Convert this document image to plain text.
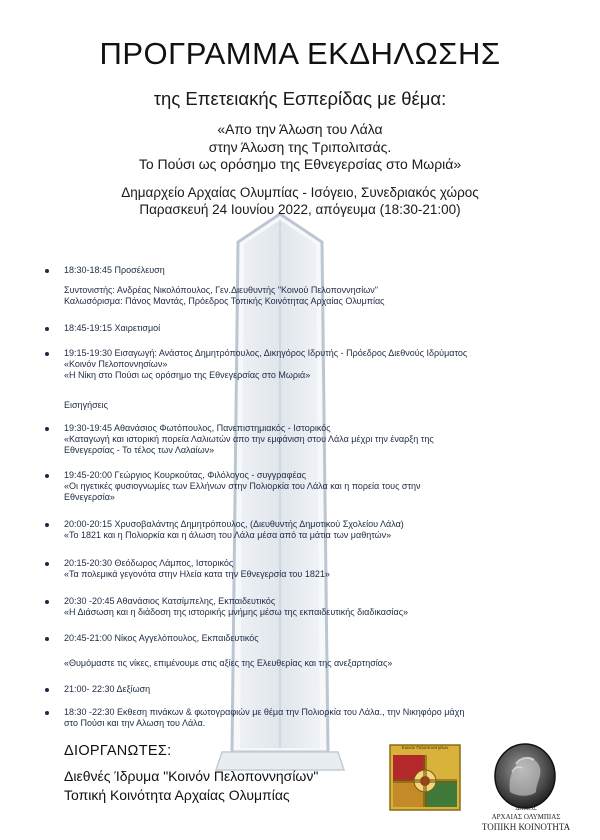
ΠΡΟΓΡΑΜΜΑ ΕΚΔΗΛΩΣΗΣ
της Επετειακής Εσπερίδας με θέμα:
«Απο την Άλωση του Λάλα
στην Άλωση της Τριπολιτσάς.
Το Πούσι ως ορόσημο της Εθνεγερσίας στο Μωριά»
Δημαρχείο Αρχαίας Ολυμπίας - Ισόγειο, Συνεδριακός χώρος
Παρασκευή 24 Ιουνίου 2022, απόγευμα (18:30-21:00)
18:30-18:45 Προσέλευση
Συντονιστής: Ανδρέας Νικολόπουλος, Γεν.Διευθυντής "Κοινού Πελοποννησίων"
Καλωσόρισμα: Πάνος Μαντάς, Πρόεδρος Τοπικής Κοινότητας Αρχαίας Ολυμπίας
18:45-19:15 Χαιρετισμοί
19:15-19:30 Εισαγωγή: Ανάστος Δημητρόπουλος, Δικηγόρος Ιδρυτής - Πρόεδρος Διεθνούς Ιδρύματος
«Κοινόν Πελοποννησίων»
«Η Νίκη στο Πούσι ως ορόσημο της Εθνεγερσίας στο Μωριά»
Εισηγήσεις
19:30-19:45 Αθανάσιος Φωτόπουλος, Πανεπιστημιακός - Ιστορικός
«Καταγωγή και ιστορική πορεία Λαλιωτών απο την εμφάνιση στου Λάλα μέχρι την έναρξη της
Εθνεγερσίας - Το τέλος των Λαλαίων»
19:45-20:00 Γεώργιος Κουρκούτας, Φιλόλογος - συγγραφέας
«Οι ηγετικές φυσιογνωμίες των Ελλήνων στην Πολιορκία του Λάλα και η πορεία τους στην
Εθνεγερσία»
20:00-20:15 Χρυσοβαλάντης Δημητρόπουλος, (Διευθυντής Δημοτικού Σχολείου Λάλα)
«Το 1821 και η Πολιορκία και η άλωση του Λάλα μέσα από τα μάτια των μαθητών»
20:15-20:30 Θεόδωρος Λάμπος, Ιστορικός
«Τα πολεμικά γεγονότα στην Ηλεία κατα την Εθνεγερσία του 1821»
20:30 -20:45 Αθανάσιος Κατσίμπελης, Εκπαιδευτικός
«Η Διάσωση και η διάδοση της ιστορικής μνήμης μέσω της εκπαιδευτικής διαδικασίας»
20:45-21:00 Νίκος Αγγελόπουλος, Εκπαιδευτικός
«Θυμόμαστε τις νίκες, επιμένουμε στις αξίες της Ελευθερίας και της ανεξαρτησίας»
21:00- 22:30 Δεξίωση
18:30 -22:30 Εκθεση πινάκων & φωτογραφιών με θέμα την Πολιορκία του Λάλα., την Νικηφόρο μάχη
στο Πούσι και την Αλωση του Λάλα.
ΔΙΟΡΓΑΝΩΤΕΣ:
Διεθνές Ίδρυμα "Κοινόν Πελοποννησίων"
Τοπική Κοινότητα Αρχαίας Ολυμπίας
Κοινόν Πελοποννησίων
ΔΗΜΟΣ
ΑΡΧΑΙΑΣ ΟΛΥΜΠΙΑΣ
ΤΟΠΙΚΗ ΚΟΙΝΟΤΗΤΑ
